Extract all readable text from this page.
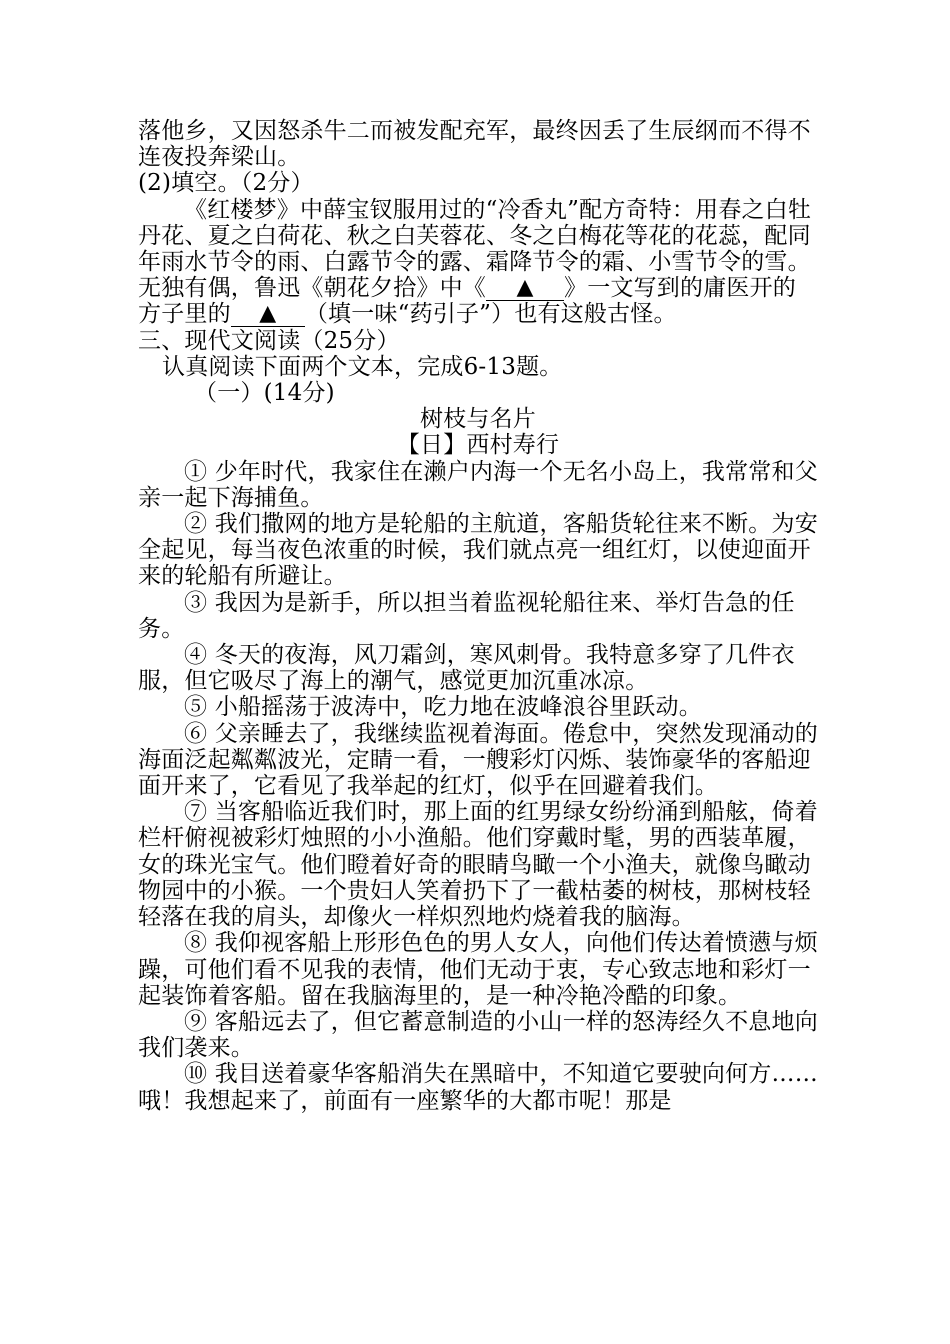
落他乡，又因怒杀牛二而被发配充军，最终因丢了生辰纲而不得不连夜投奔梁山。

(2)填空。（2分）

《红楼梦》中薛宝钗服用过的“冷香丸”配方奇特：用春之白牡丹花、夏之白荷花、秋之白芙蓉花、冬之白梅花等花的花蕊，配同年雨水节令的雨、白露节令的露、霜降节令的霜、小雪节令的雪。无独有偶，鲁迅《朝花夕拾》中《 ▲ 》一文写到的庸医开的方子里的 ▲ （填一味“药引子”）也有这般古怪。

三、现代文阅读（25分）

认真阅读下面两个文本，完成6-13题。

（一）(14分)

树枝与名片

【日】西村寿行

① 少年时代，我家住在濑户内海一个无名小岛上，我常常和父亲一起下海捕鱼。

② 我们撒网的地方是轮船的主航道，客船货轮往来不断。为安全起见，每当夜色浓重的时候，我们就点亮一组红灯，以使迎面开来的轮船有所避让。

③ 我因为是新手，所以担当着监视轮船往来、举灯告急的任务。

④ 冬天的夜海，风刀霜剑，寒风刺骨。我特意多穿了几件衣服，但它吸尽了海上的潮气，感觉更加沉重冰凉。

⑤ 小船摇荡于波涛中，吃力地在波峰浪谷里跃动。

⑥ 父亲睡去了，我继续监视着海面。倦怠中，突然发现涌动的海面泛起粼粼波光，定睛一看，一艘彩灯闪烁、装饰豪华的客船迎面开来了，它看见了我举起的红灯，似乎在回避着我们。

⑦ 当客船临近我们时，那上面的红男绿女纷纷涌到船舷，倚着栏杆俯视被彩灯烛照的小小渔船。他们穿戴时髦，男的西装革履，女的珠光宝气。他们瞪着好奇的眼睛鸟瞰一个小渔夫，就像鸟瞰动物园中的小猴。一个贵妇人笑着扔下了一截枯萎的树枝，那树枝轻轻落在我的肩头，却像火一样炽烈地灼烧着我的脑海。

⑧ 我仰视客船上形形色色的男人女人，向他们传达着愤懑与烦躁，可他们看不见我的表情，他们无动于衷，专心致志地和彩灯一起装饰着客船。留在我脑海里的，是一种冷艳冷酷的印象。

⑨ 客船远去了，但它蓄意制造的小山一样的怒涛经久不息地向我们袭来。

⑩ 我目送着豪华客船消失在黑暗中，不知道它要驶向何方……哦！我想起来了，前面有一座繁华的大都市呢！那是
